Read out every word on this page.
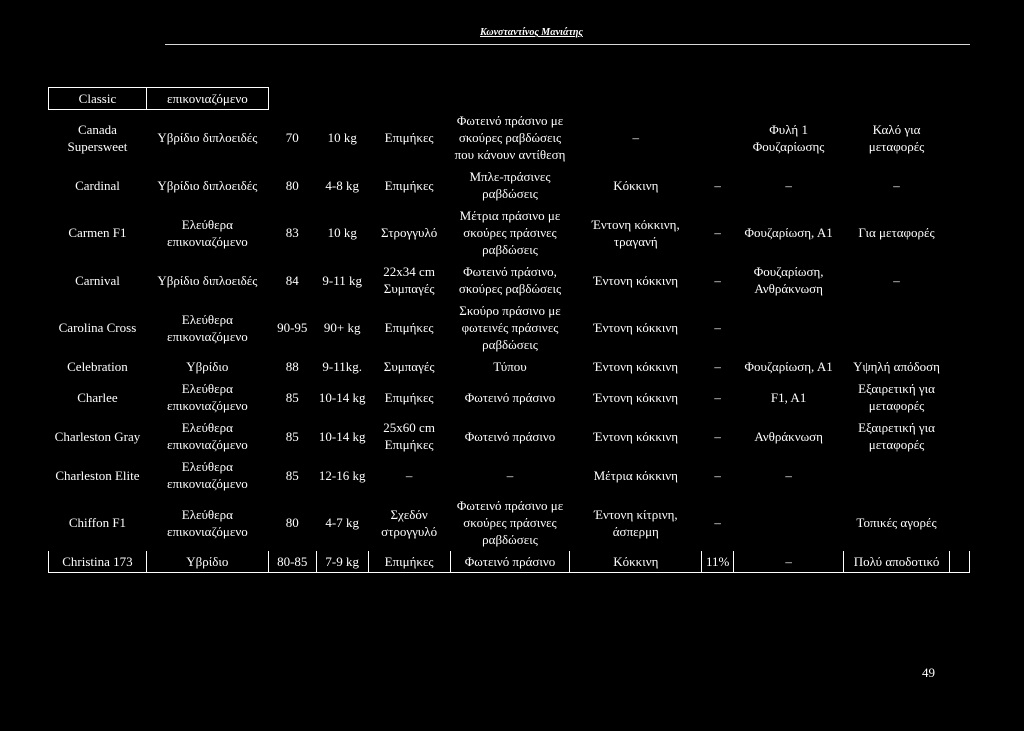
Κωνσταντίνος Μανιάτης
Classic	επικονιαζόμενο									
Canada Supersweet	Υβρίδιο διπλοειδές	70	10 kg	Επιμήκες	Φωτεινό πράσινο με σκούρες ραβδώσεις που κάνουν αντίθεση	–		Φυλή 1 Φουζαρίωσης	Καλό για μεταφορές	
Cardinal	Υβρίδιο διπλοειδές	80	4-8 kg	Επιμήκες	Μπλε-πράσινες ραβδώσεις	Κόκκινη	–	–	–	
Carmen F1	Ελεύθερα επικονιαζόμενο	83	10 kg	Στρογγυλό	Μέτρια πράσινο με σκούρες πράσινες ραβδώσεις	Έντονη κόκκινη, τραγανή	–	Φουζαρίωση, Α1	Για μεταφορές	
Carnival	Υβρίδιο διπλοειδές	84	9-11 kg	22x34 cm Συμπαγές	Φωτεινό πράσινο, σκούρες ραβδώσεις	Έντονη κόκκινη	–	Φουζαρίωση, Ανθράκνωση	–	
Carolina Cross	Ελεύθερα επικονιαζόμενο	90-95	90+ kg	Επιμήκες	Σκούρο πράσινο με φωτεινές πράσινες ραβδώσεις	Έντονη κόκκινη	–			
Celebration	Υβρίδιο	88	9-11kg.	Συμπαγές	Τύπου	Έντονη κόκκινη	–	Φουζαρίωση, Α1	Υψηλή απόδοση	
Charlee	Ελεύθερα επικονιαζόμενο	85	10-14 kg	Επιμήκες	Φωτεινό πράσινο	Έντονη κόκκινη	–	F1, A1	Εξαιρετική για μεταφορές	
Charleston Gray	Ελεύθερα επικονιαζόμενο	85	10-14 kg	25x60 cm Επιμήκες	Φωτεινό πράσινο	Έντονη κόκκινη	–	Ανθράκνωση	Εξαιρετική για μεταφορές	
Charleston Elite	Ελεύθερα επικονιαζόμενο	85	12-16 kg	–	–	Μέτρια κόκκινη	–	–		
Chiffon F1	Ελεύθερα επικονιαζόμενο	80	4-7 kg	Σχεδόν στρογγυλό	Φωτεινό πράσινο με σκούρες πράσινες ραβδώσεις	Έντονη κίτρινη, άσπερμη	–		Τοπικές αγορές	
Christina 173	Υβρίδιο	80-85	7-9 kg	Επιμήκες	Φωτεινό πράσινο	Κόκκινη	11%	–	Πολύ αποδοτικό	
49
